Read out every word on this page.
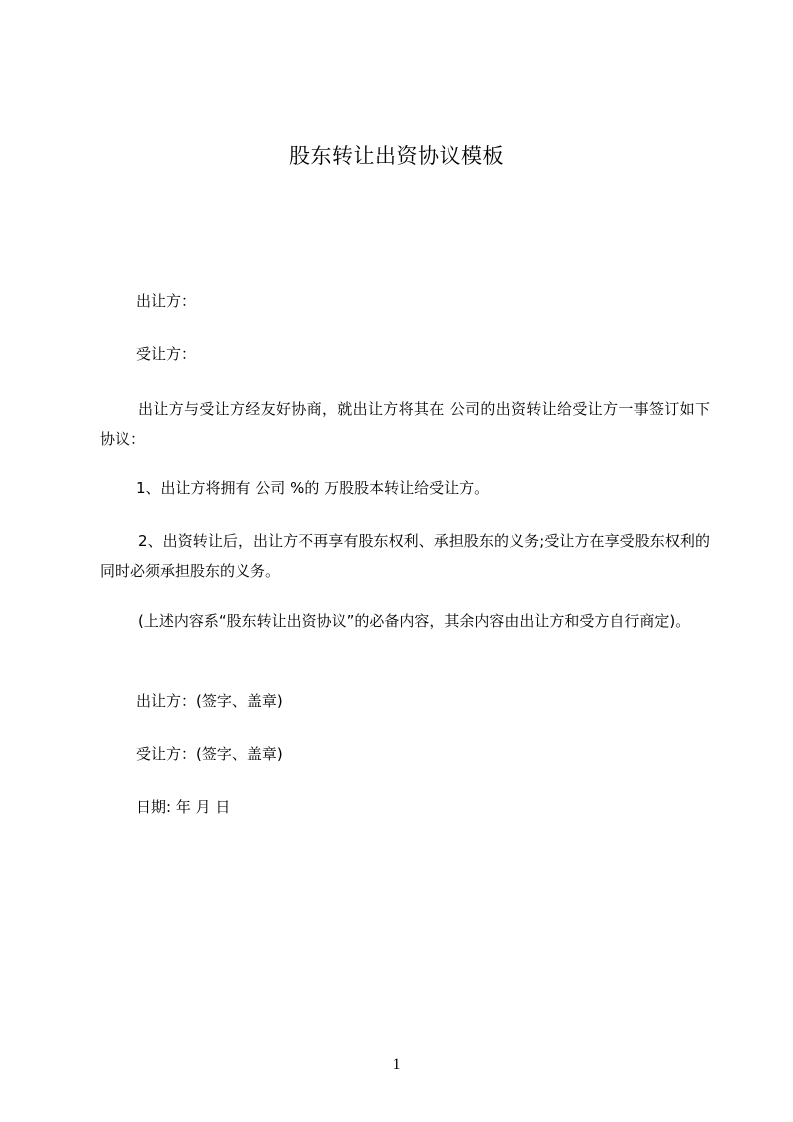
股东转让出资协议模板
出让方：
受让方：
出让方与受让方经友好协商，就出让方将其在 公司的出资转让给受让方一事签订如下协议：
1、出让方将拥有 公司 %的 万股股本转让给受让方。
2、出资转让后，出让方不再享有股东权利、承担股东的义务;受让方在享受股东权利的同时必须承担股东的义务。
(上述内容系“股东转让出资协议”的必备内容，其余内容由出让方和受方自行商定)。
出让方：(签字、盖章)
受让方：(签字、盖章)
日期: 年 月 日
1
